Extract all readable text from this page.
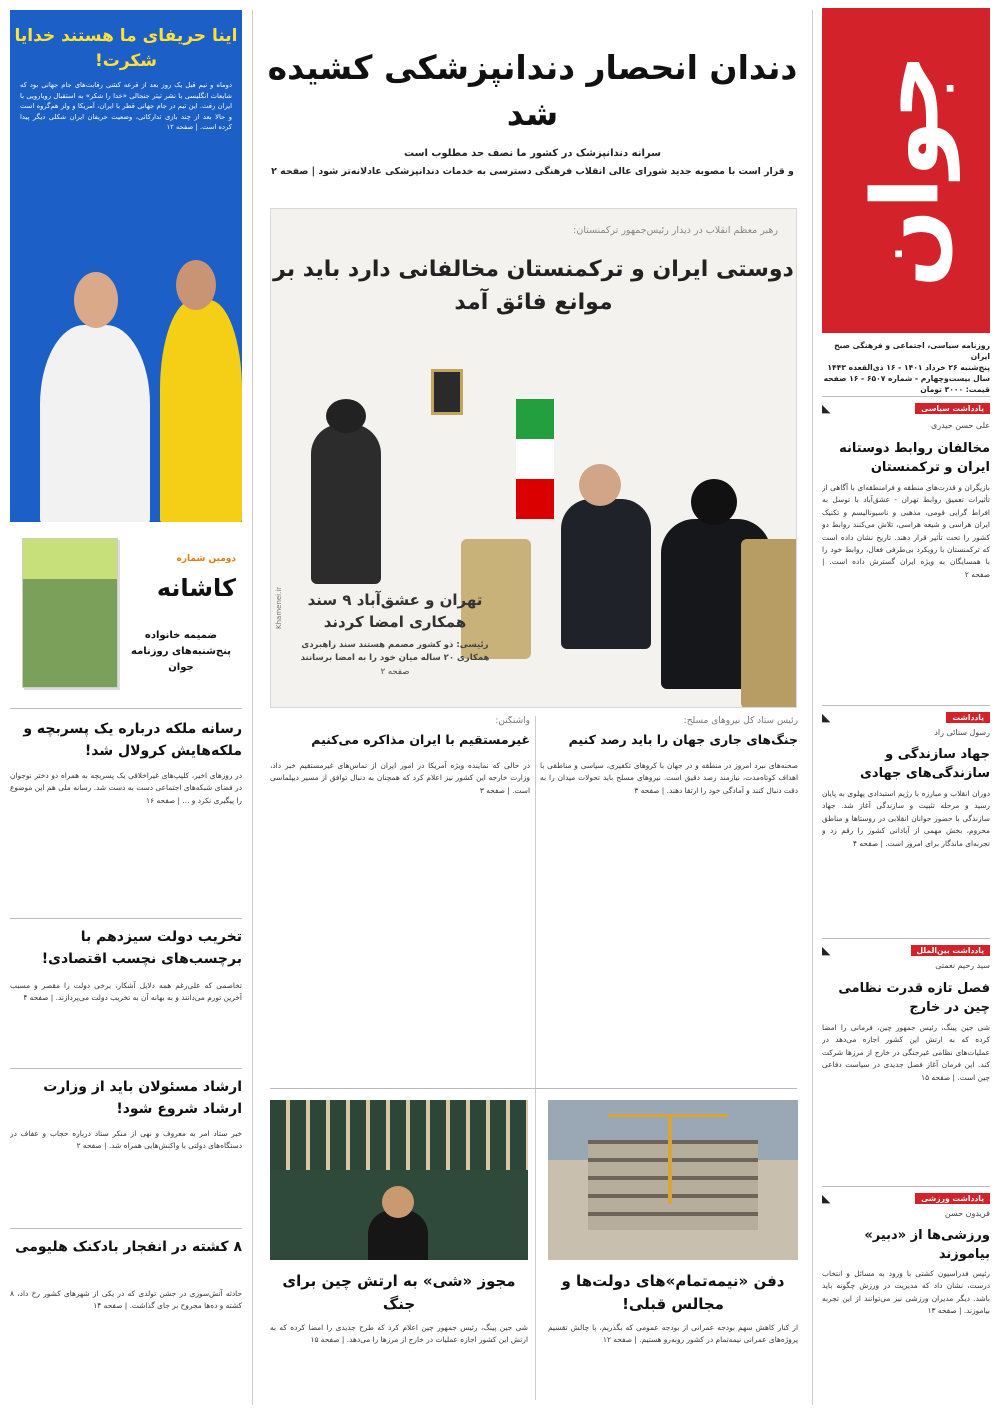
جوان
روزنامه سیاسی، اجتماعی و فرهنگی صبح ایران
پنج‌شنبه ۲۶ خرداد ۱۴۰۱ - ۱۶ ذی‌القعده ۱۴۴۳
سال بیست‌وچهارم - شماره ۶۵۰۷ - ۱۶ صفحه
قیمت: ۳۰۰۰ تومان
یادداشت سیاسی
◣
علی حسن حیدری
مخالفان روابط دوستانه ایران و ترکمنستان
بازیگران و قدرت‌های منطقه و فرامنطقه‌ای با آگاهی از تأثیرات تعمیق روابط تهران - عشق‌آباد با توسل به افراط گرایی قومی، مذهبی و ناسیونالیسم و تکنیک ایران هراسی و شیعه هراسی، تلاش می‌کنند روابط دو کشور را تحت تأثیر قرار دهند. تاریخ نشان داده است که ترکمنستان با رویکرد بی‌طرفی فعال، روابط خود را با همسایگان به ویژه ایران گسترش داده است. | صفحه ۲
یادداشت
◣
رسول سنائی راد
جهاد سازندگی و سازندگی‌های جهادی
دوران انقلاب و مبارزه با رژیم استبدادی پهلوی به پایان رسید و مرحله تثبیت و سازندگی آغاز شد. جهاد سازندگی با حضور جوانان انقلابی در روستاها و مناطق محروم، بخش مهمی از آبادانی کشور را رقم زد و تجربه‌ای ماندگار برای امروز است. | صفحه ۴
یادداشت بین‌الملل
◣
سید رحیم نعمتی
فصل تازه قدرت نظامی چین در خارج
شی جین پینگ، رئیس جمهور چین، فرمانی را امضا کرده که به ارتش این کشور اجازه می‌دهد در عملیات‌های نظامی غیرجنگی در خارج از مرزها شرکت کند. این فرمان آغاز فصل جدیدی در سیاست دفاعی چین است. | صفحه ۱۵
یادداشت ورزشی
◣
فریدون حسن
ورزشی‌ها از «دبیر» بیاموزند
رئیس فدراسیون کشتی با ورود به مسائل و انتخاب درست، نشان داد که مدیریت در ورزش چگونه باید باشد. دیگر مدیران ورزشی نیز می‌توانند از این تجربه بیاموزند. | صفحه ۱۳
اینا حریفای ما هستند خدایا شکرت!
دوماه و نیم قبل یک روز بعد از قرعه کشی رقابت‌های جام جهانی بود که شایعات انگلیسی با نشر تیتر جنجالی «خدا را شکر» به استقبال رویارویی با ایران رفت. این تیم در جام جهانی قطر با ایران، آمریکا و ولز هم‌گروه است و حالا بعد از چند بازی تدارکاتی، وضعیت حریفان ایران شکلی دیگر پیدا کرده است. | صفحه ۱۲
دومین شماره
کاشانه
ضمیمه خانواده پنج‌شنبه‌های روزنامه جوان
رسانه ملکه درباره یک پسربچه و ملکه‌هایش کرولال شد!
در روزهای اخیر، کلیپ‌های غیراخلاقی یک پسربچه به همراه دو دختر نوجوان در فضای شبکه‌های اجتماعی دست به دست شد. رسانه ملی هم این موضوع را پیگیری نکرد و ... | صفحه ۱۶
تخریب دولت سیزدهم با برچسب‌های نچسب اقتصادی!
تخاصمی که علی‌رغم همه دلایل آشکار، برخی دولت را مقصر و مسبب آخرین تورم می‌دانند و به بهانه آن به تخریب دولت می‌پردازند. | صفحه ۴
ارشاد مسئولان باید از وزارت ارشاد شروع شود!
خبر ستاد امر به معروف و نهی از منکر ستاد درباره حجاب و عفاف در دستگاه‌های دولتی با واکنش‌هایی همراه شد. | صفحه ۲
۸ کشته در انفجار بادکنک هلیومی
حادثه آتش‌سوزی در جشن تولدی که در یکی از شهرهای کشور رخ داد، ۸ کشته و ده‌ها مجروح بر جای گذاشت. | صفحه ۱۴
دندان انحصار دندانپزشکی کشیده شد
سرانه دندانپزشک در کشور ما نصف حد مطلوب است
و قرار است با مصوبه جدید شورای عالی انقلاب فرهنگی دسترسی به خدمات دندانپزشکی عادلانه‌تر شود | صفحه ۲
رهبر معظم انقلاب در دیدار رئیس‌جمهور ترکمنستان:
دوستی ایران و ترکمنستان مخالفانی دارد باید بر موانع فائق آمد
تهران و عشق‌آباد ۹ سند همکاری امضا کردند
رئیسی: دو کشور مصمم هستند سند راهبردی همکاری ۲۰ ساله میان خود را به امضا برسانند
صفحه ۲
Khamenei.ir
رئیس ستاد کل نیروهای مسلح:
جنگ‌های جاری جهان را باید رصد کنیم
صحنه‌های نبرد امروز در منطقه و در جهان با کروهای تکفیری، سیاسی و مناطقی با اهداف کوتاه‌مدت، نیازمند رصد دقیق است. نیروهای مسلح باید تحولات میدان را به دقت دنبال کنند و آمادگی خود را ارتقا دهند. | صفحه ۳
واشنگتن:
غیرمستقیم با ایران مذاکره می‌کنیم
در حالی که نماینده ویژه آمریکا در امور ایران از تماس‌های غیرمستقیم خبر داد، وزارت خارجه این کشور نیز اعلام کرد که همچنان به دنبال توافق از مسیر دیپلماسی است. | صفحه ۳
مجوز «شی» به ارتش چین برای جنگ
شی جین پینگ، رئیس جمهور چین اعلام کرد که طرح جدیدی را امضا کرده که به ارتش این کشور اجازه عملیات در خارج از مرزها را می‌دهد. | صفحه ۱۵
دفن «نیمه‌تمام»‌های دولت‌ها و مجالس قبلی!
از کنار کاهش سهم بودجه عمرانی از بودجه عمومی که بگذریم، با چالش تقسیم پروژه‌های عمرانی نیمه‌تمام در کشور روبه‌رو هستیم. | صفحه ۱۲
